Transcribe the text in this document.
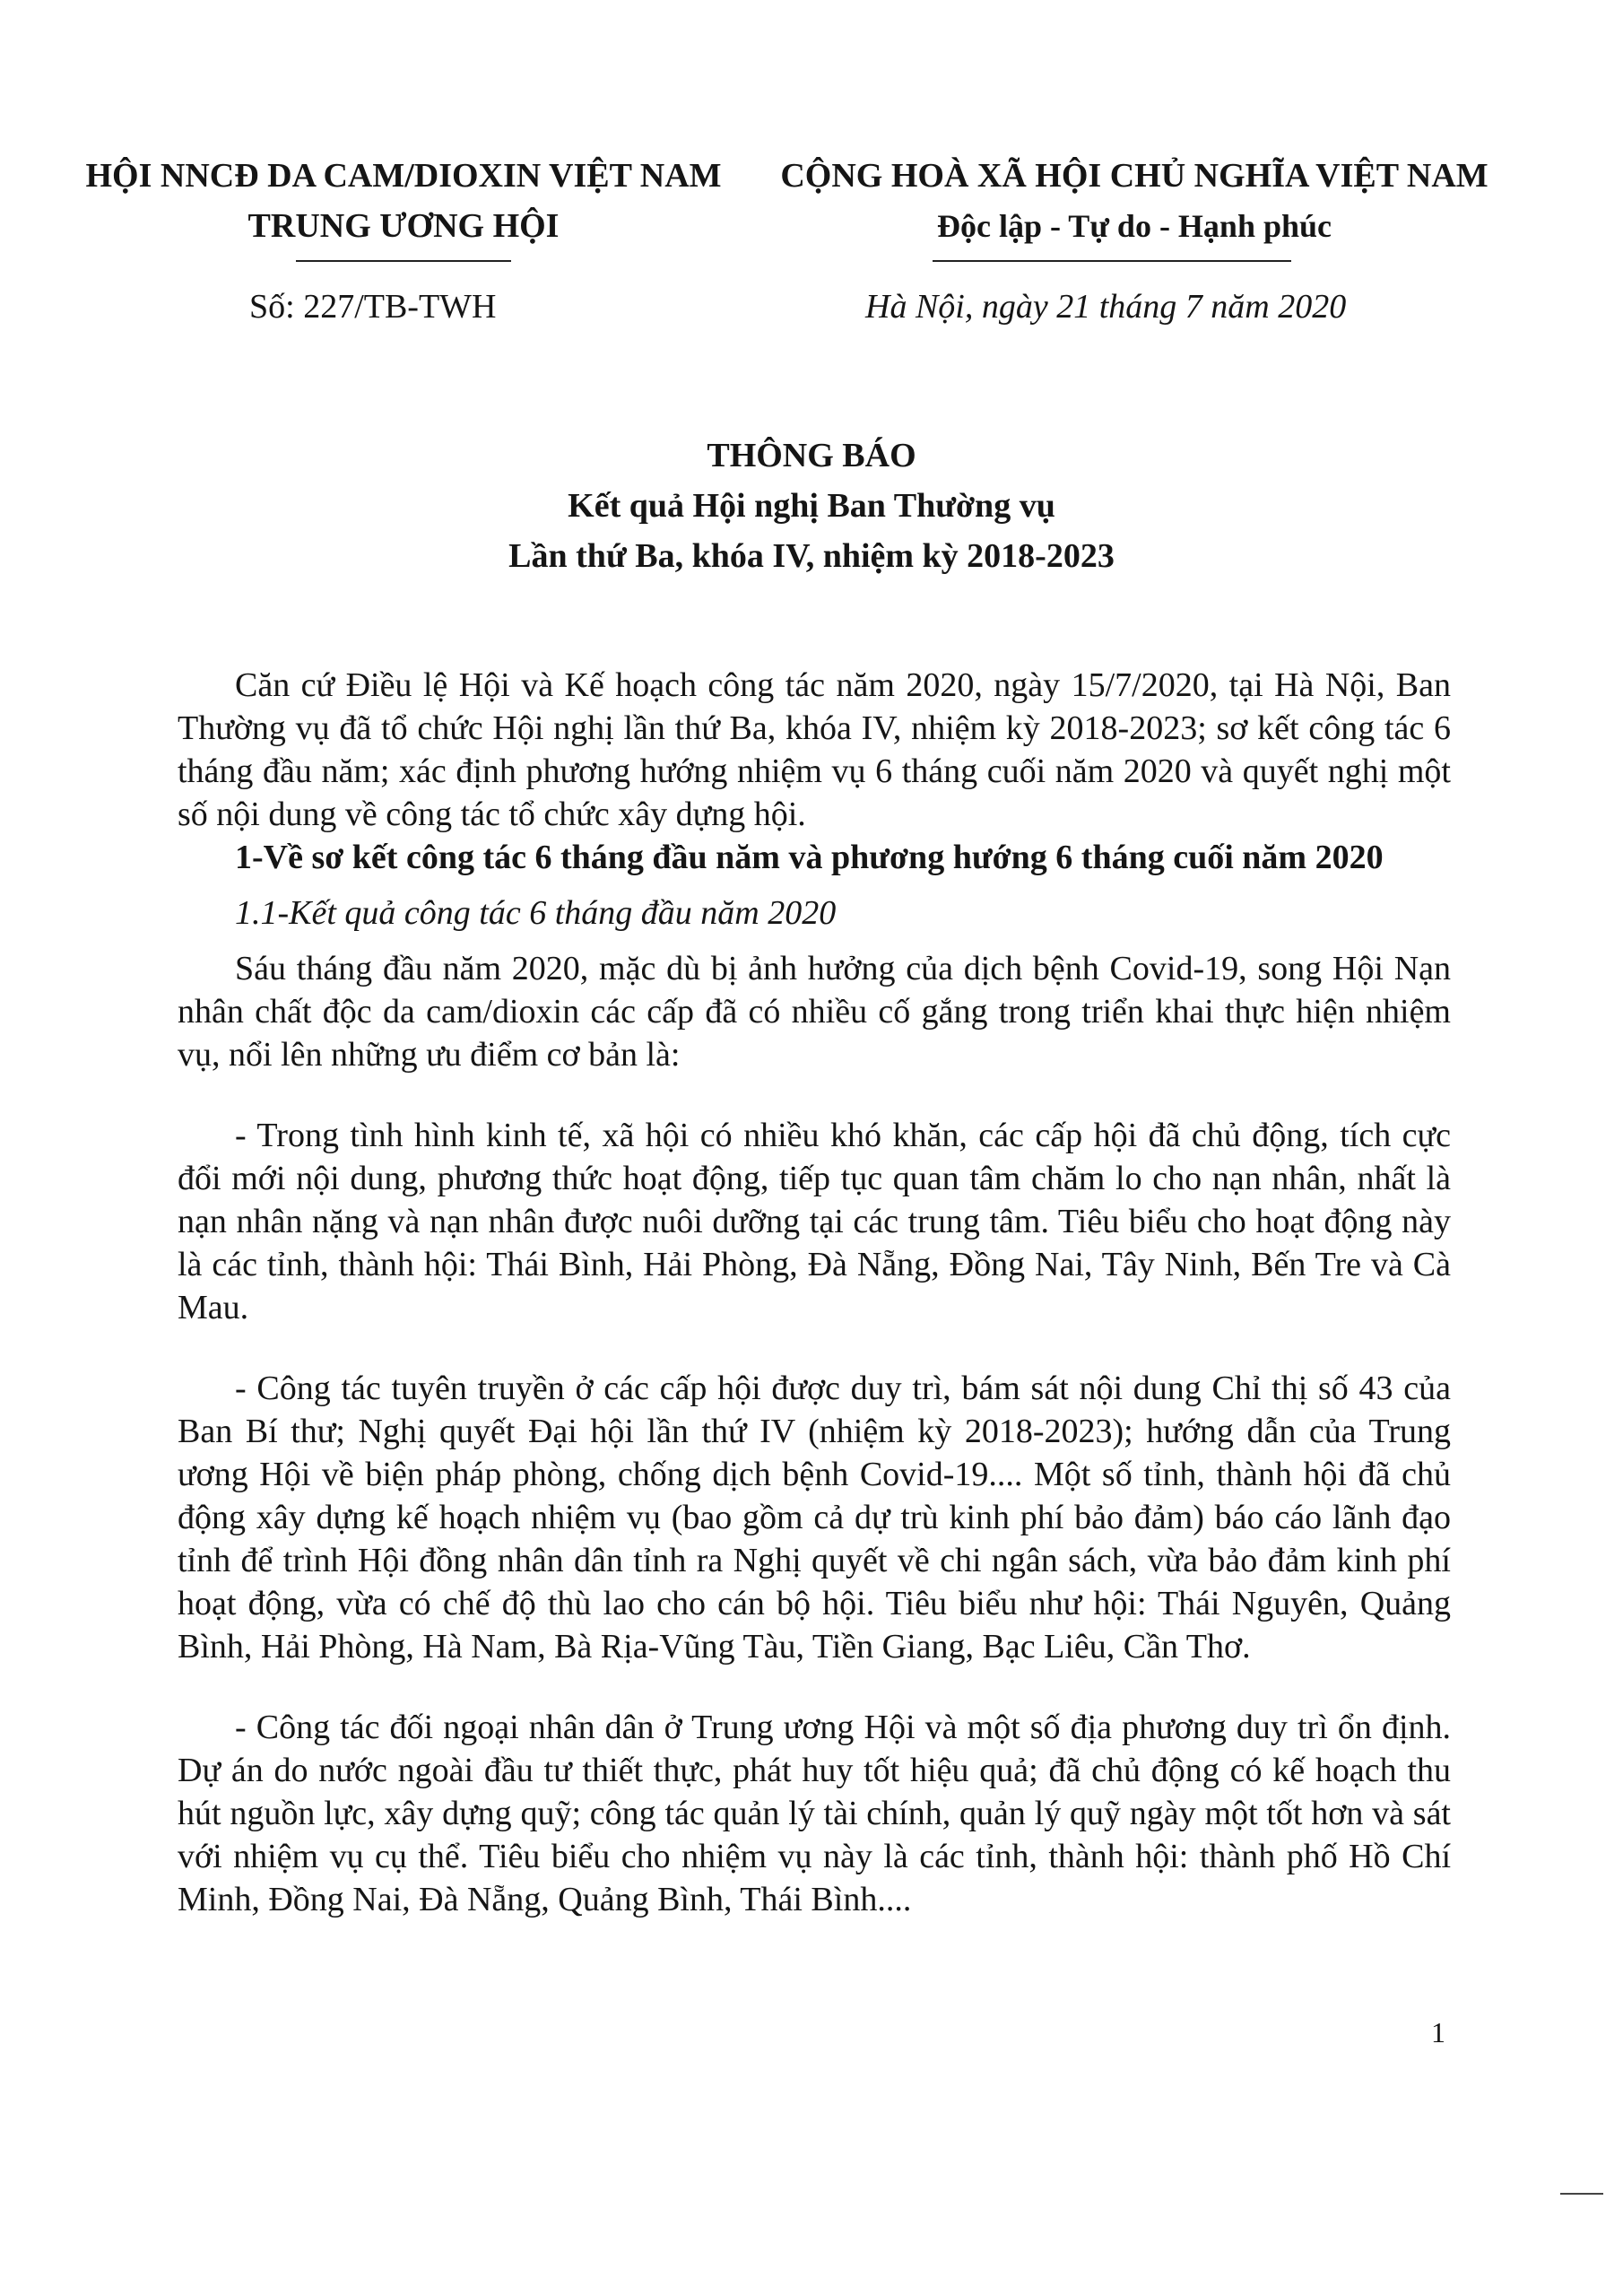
HỘI NNCĐ DA CAM/DIOXIN VIỆT NAM
TRUNG ƯƠNG HỘI
CỘNG HOÀ XÃ HỘI CHỦ NGHĨA VIỆT NAM
Độc lập - Tự do - Hạnh phúc
Số: 227/TB-TWH	Hà Nội, ngày 21 tháng 7 năm 2020
THÔNG BÁO
Kết quả Hội nghị Ban Thường vụ
Lần thứ Ba, khóa IV, nhiệm kỳ 2018-2023

Căn cứ Điều lệ Hội và Kế hoạch công tác năm 2020, ngày 15/7/2020, tại Hà Nội, Ban Thường vụ đã tổ chức Hội nghị lần thứ Ba, khóa IV, nhiệm kỳ 2018-2023; sơ kết công tác 6 tháng đầu năm; xác định phương hướng nhiệm vụ 6 tháng cuối năm 2020 và quyết nghị một số nội dung về công tác tổ chức xây dựng hội.

1-Về sơ kết công tác 6 tháng đầu năm và phương hướng 6 tháng cuối năm 2020

1.1-Kết quả công tác 6 tháng đầu năm 2020

Sáu tháng đầu năm 2020, mặc dù bị ảnh hưởng của dịch bệnh Covid-19, song Hội Nạn nhân chất độc da cam/dioxin các cấp đã có nhiều cố gắng trong triển khai thực hiện nhiệm vụ, nổi lên những ưu điểm cơ bản là:

- Trong tình hình kinh tế, xã hội có nhiều khó khăn, các cấp hội đã chủ động, tích cực đổi mới nội dung, phương thức hoạt động, tiếp tục quan tâm chăm lo cho nạn nhân, nhất là nạn nhân nặng và nạn nhân được nuôi dưỡng tại các trung tâm. Tiêu biểu cho hoạt động này là các tỉnh, thành hội: Thái Bình, Hải Phòng, Đà Nẵng, Đồng Nai, Tây Ninh, Bến Tre và Cà Mau.

- Công tác tuyên truyền ở các cấp hội được duy trì, bám sát nội dung Chỉ thị số 43 của Ban Bí thư; Nghị quyết Đại hội lần thứ IV (nhiệm kỳ 2018-2023); hướng dẫn của Trung ương Hội về biện pháp phòng, chống dịch bệnh Covid-19.... Một số tỉnh, thành hội đã chủ động xây dựng kế hoạch nhiệm vụ (bao gồm cả dự trù kinh phí bảo đảm) báo cáo lãnh đạo tỉnh để trình Hội đồng nhân dân tỉnh ra Nghị quyết về chi ngân sách, vừa bảo đảm kinh phí hoạt động, vừa có chế độ thù lao cho cán bộ hội. Tiêu biểu như hội: Thái Nguyên, Quảng Bình, Hải Phòng, Hà Nam, Bà Rịa-Vũng Tàu, Tiền Giang, Bạc Liêu, Cần Thơ.

- Công tác đối ngoại nhân dân ở Trung ương Hội và một số địa phương duy trì ổn định. Dự án do nước ngoài đầu tư thiết thực, phát huy tốt hiệu quả; đã chủ động có kế hoạch thu hút nguồn lực, xây dựng quỹ; công tác quản lý tài chính, quản lý quỹ ngày một tốt hơn và sát với nhiệm vụ cụ thể. Tiêu biểu cho nhiệm vụ này là các tỉnh, thành hội: thành phố Hồ Chí Minh, Đồng Nai, Đà Nẵng, Quảng Bình, Thái Bình....

1
